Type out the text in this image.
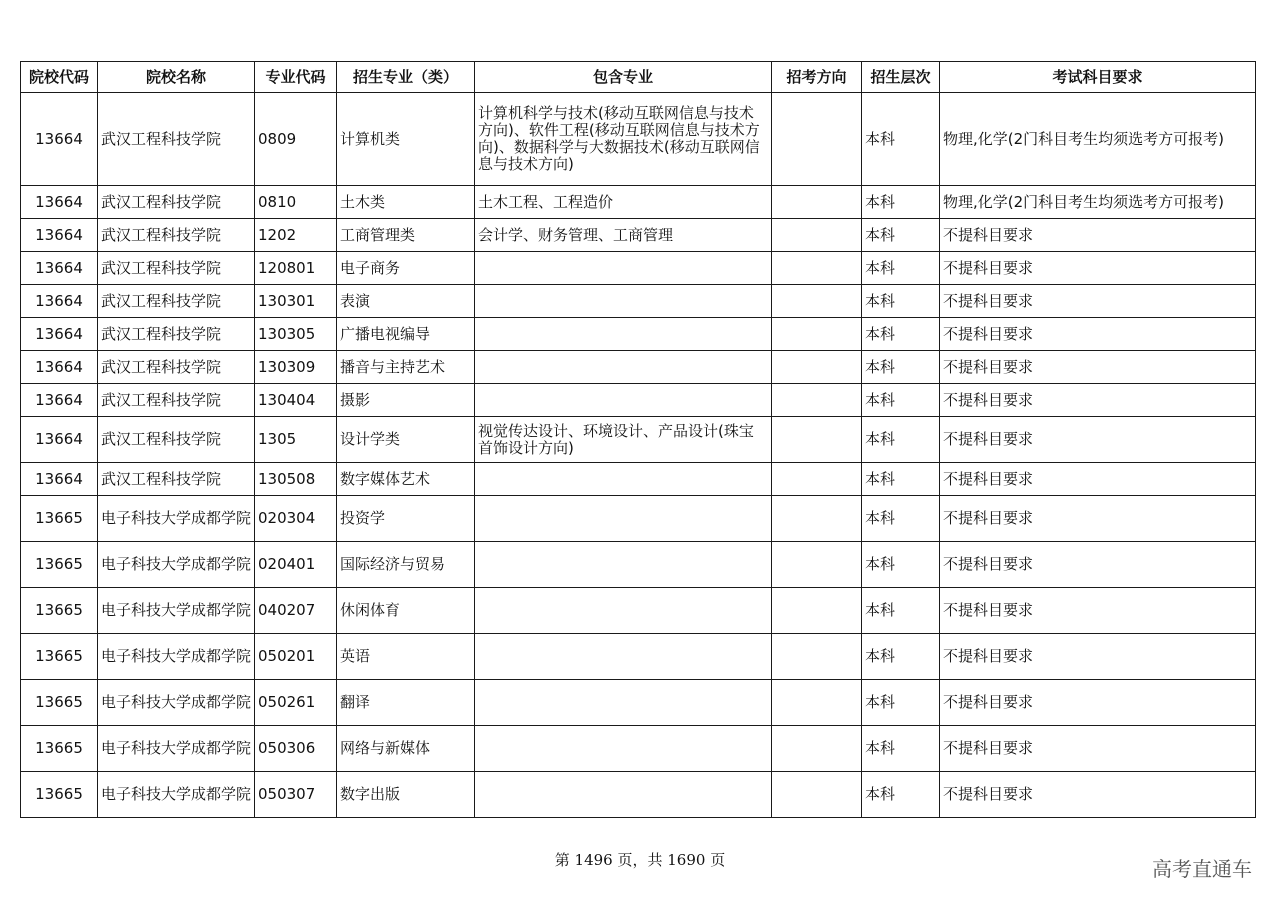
院校代码	院校名称	专业代码	招生专业（类）	包含专业	招考方向	招生层次	考试科目要求
13664	武汉工程科技学院	0809	计算机类	计算机科学与技术(移动互联网信息与技术方向)、软件工程(移动互联网信息与技术方向)、数据科学与大数据技术(移动互联网信息与技术方向)		本科	物理,化学(2门科目考生均须选考方可报考)
13664	武汉工程科技学院	0810	土木类	土木工程、工程造价		本科	物理,化学(2门科目考生均须选考方可报考)
13664	武汉工程科技学院	1202	工商管理类	会计学、财务管理、工商管理		本科	不提科目要求
13664	武汉工程科技学院	120801	电子商务			本科	不提科目要求
13664	武汉工程科技学院	130301	表演			本科	不提科目要求
13664	武汉工程科技学院	130305	广播电视编导			本科	不提科目要求
13664	武汉工程科技学院	130309	播音与主持艺术			本科	不提科目要求
13664	武汉工程科技学院	130404	摄影			本科	不提科目要求
13664	武汉工程科技学院	1305	设计学类	视觉传达设计、环境设计、产品设计(珠宝首饰设计方向)		本科	不提科目要求
13664	武汉工程科技学院	130508	数字媒体艺术			本科	不提科目要求
13665	电子科技大学成都学院	020304	投资学			本科	不提科目要求
13665	电子科技大学成都学院	020401	国际经济与贸易			本科	不提科目要求
13665	电子科技大学成都学院	040207	休闲体育			本科	不提科目要求
13665	电子科技大学成都学院	050201	英语			本科	不提科目要求
13665	电子科技大学成都学院	050261	翻译			本科	不提科目要求
13665	电子科技大学成都学院	050306	网络与新媒体			本科	不提科目要求
13665	电子科技大学成都学院	050307	数字出版			本科	不提科目要求
第 1496 页，共 1690 页	高考直通车
